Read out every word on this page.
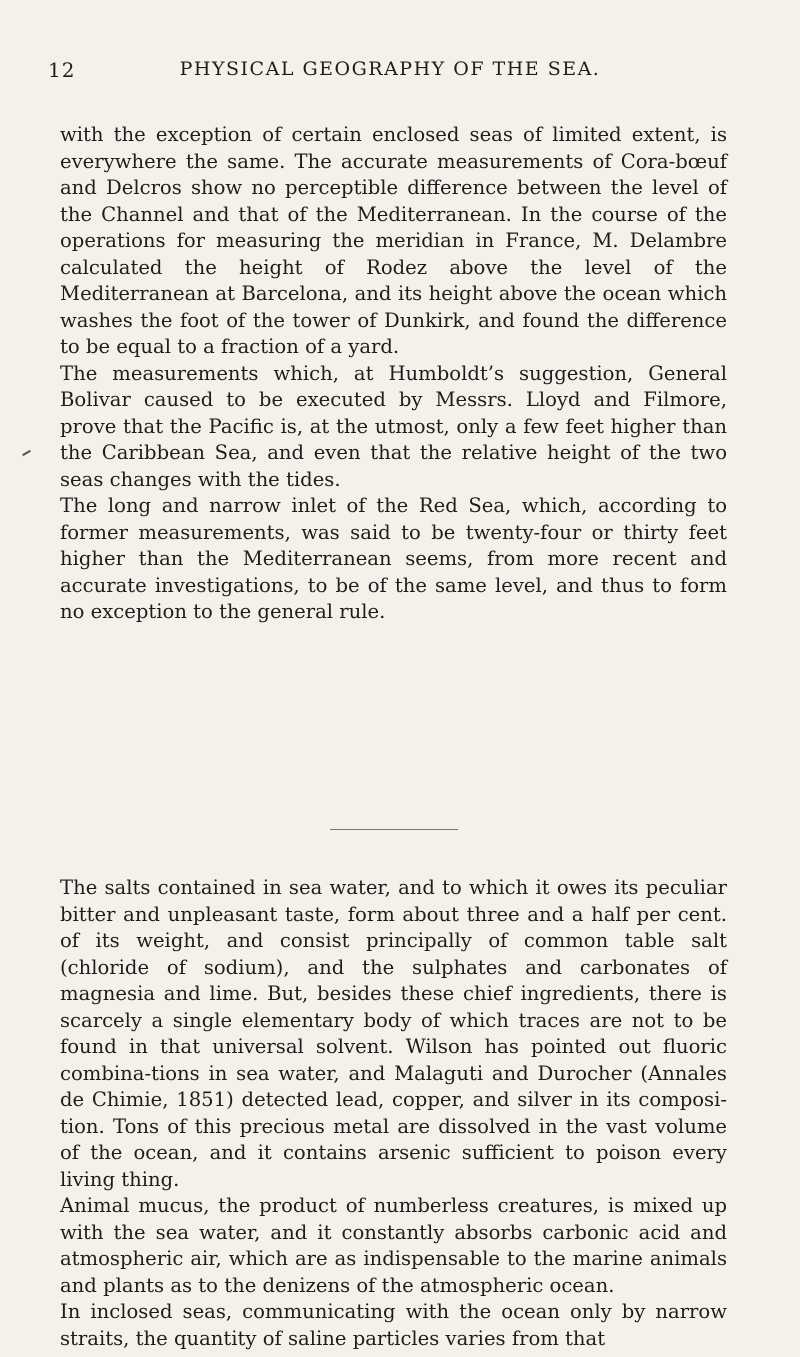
12	PHYSICAL GEOGRAPHY OF THE SEA.

with the exception of certain enclosed seas of limited extent, is everywhere the same. The accurate measurements of Cora-bœuf and Delcros show no perceptible difference between the level of the Channel and that of the Mediterranean. In the course of the operations for measuring the meridian in France, M. Delambre calculated the height of Rodez above the level of the Mediterranean at Barcelona, and its height above the ocean which washes the foot of the tower of Dunkirk, and found the difference to be equal to a fraction of a yard.

The measurements which, at Humboldt’s suggestion, General Bolivar caused to be executed by Messrs. Lloyd and Filmore, prove that the Pacific is, at the utmost, only a few feet higher than the Caribbean Sea, and even that the relative height of the two seas changes with the tides.

The long and narrow inlet of the Red Sea, which, according to former measurements, was said to be twenty-four or thirty feet higher than the Mediterranean seems, from more recent and accurate investigations, to be of the same level, and thus to form no exception to the general rule.

The salts contained in sea water, and to which it owes its peculiar bitter and unpleasant taste, form about three and a half per cent. of its weight, and consist principally of common table salt (chloride of sodium), and the sulphates and carbonates of magnesia and lime. But, besides these chief ingredients, there is scarcely a single elementary body of which traces are not to be found in that universal solvent. Wilson has pointed out fluoric combina-tions in sea water, and Malaguti and Durocher (Annales de Chimie, 1851) detected lead, copper, and silver in its composi-tion. Tons of this precious metal are dissolved in the vast volume of the ocean, and it contains arsenic sufficient to poison every living thing.

Animal mucus, the product of numberless creatures, is mixed up with the sea water, and it constantly absorbs carbonic acid and atmospheric air, which are as indispensable to the marine animals and plants as to the denizens of the atmospheric ocean.

In inclosed seas, communicating with the ocean only by narrow straits, the quantity of saline particles varies from that
